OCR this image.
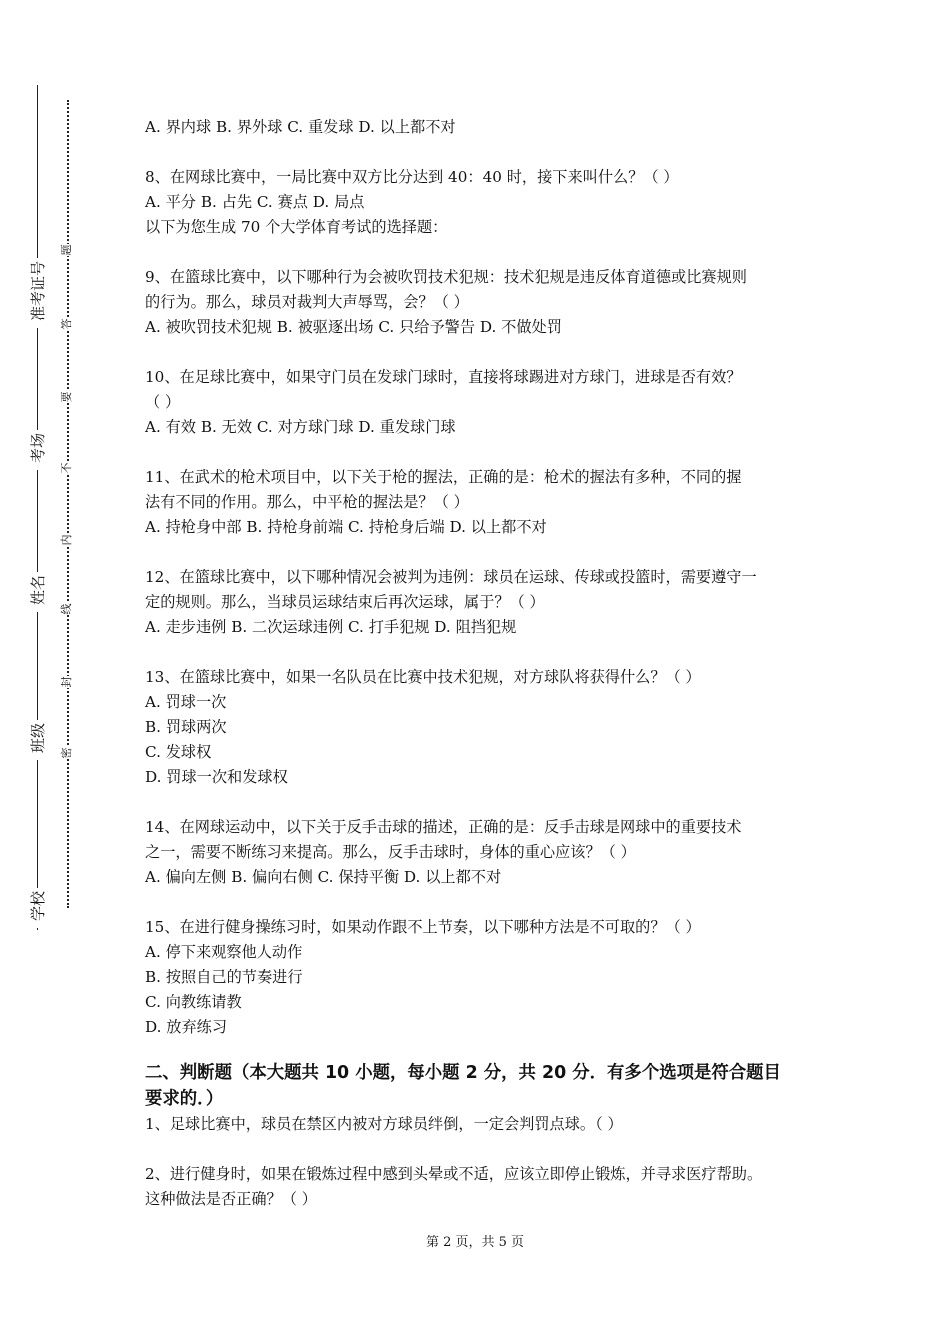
准考证号
考场
姓名
班级
学校
题
答
要
不
内
线
封
密
A. 界内球 B. 界外球 C. 重发球 D. 以上都不对
8、在网球比赛中，一局比赛中双方比分达到 40：40 时，接下来叫什么？（ ）
A. 平分 B. 占先 C. 赛点 D. 局点
以下为您生成 70 个大学体育考试的选择题：
9、在篮球比赛中，以下哪种行为会被吹罚技术犯规：技术犯规是违反体育道德或比赛规则
的行为。那么，球员对裁判大声辱骂，会？（ ）
A. 被吹罚技术犯规 B. 被驱逐出场 C. 只给予警告 D. 不做处罚
10、在足球比赛中，如果守门员在发球门球时，直接将球踢进对方球门，进球是否有效？
（ ）
A. 有效 B. 无效 C. 对方球门球 D. 重发球门球
11、在武术的枪术项目中，以下关于枪的握法，正确的是：枪术的握法有多种，不同的握
法有不同的作用。那么，中平枪的握法是？（ ）
A. 持枪身中部 B. 持枪身前端 C. 持枪身后端 D. 以上都不对
12、在篮球比赛中，以下哪种情况会被判为违例：球员在运球、传球或投篮时，需要遵守一
定的规则。那么，当球员运球结束后再次运球，属于？（ ）
A. 走步违例 B. 二次运球违例 C. 打手犯规 D. 阻挡犯规
13、在篮球比赛中，如果一名队员在比赛中技术犯规，对方球队将获得什么？（ ）
A. 罚球一次
B. 罚球两次
C. 发球权
D. 罚球一次和发球权
14、在网球运动中，以下关于反手击球的描述，正确的是：反手击球是网球中的重要技术
之一，需要不断练习来提高。那么，反手击球时，身体的重心应该？（ ）
A. 偏向左侧 B. 偏向右侧 C. 保持平衡 D. 以上都不对
15、在进行健身操练习时，如果动作跟不上节奏，以下哪种方法是不可取的？（ ）
A. 停下来观察他人动作
B. 按照自己的节奏进行
C. 向教练请教
D. 放弃练习
二、判断题（本大题共 10 小题，每小题 2 分，共 20 分．有多个选项是符合题目
要求的．）
1、足球比赛中，球员在禁区内被对方球员绊倒，一定会判罚点球。（ ）
2、进行健身时，如果在锻炼过程中感到头晕或不适，应该立即停止锻炼，并寻求医疗帮助。
这种做法是否正确？（ ）
第 2 页，共 5 页
